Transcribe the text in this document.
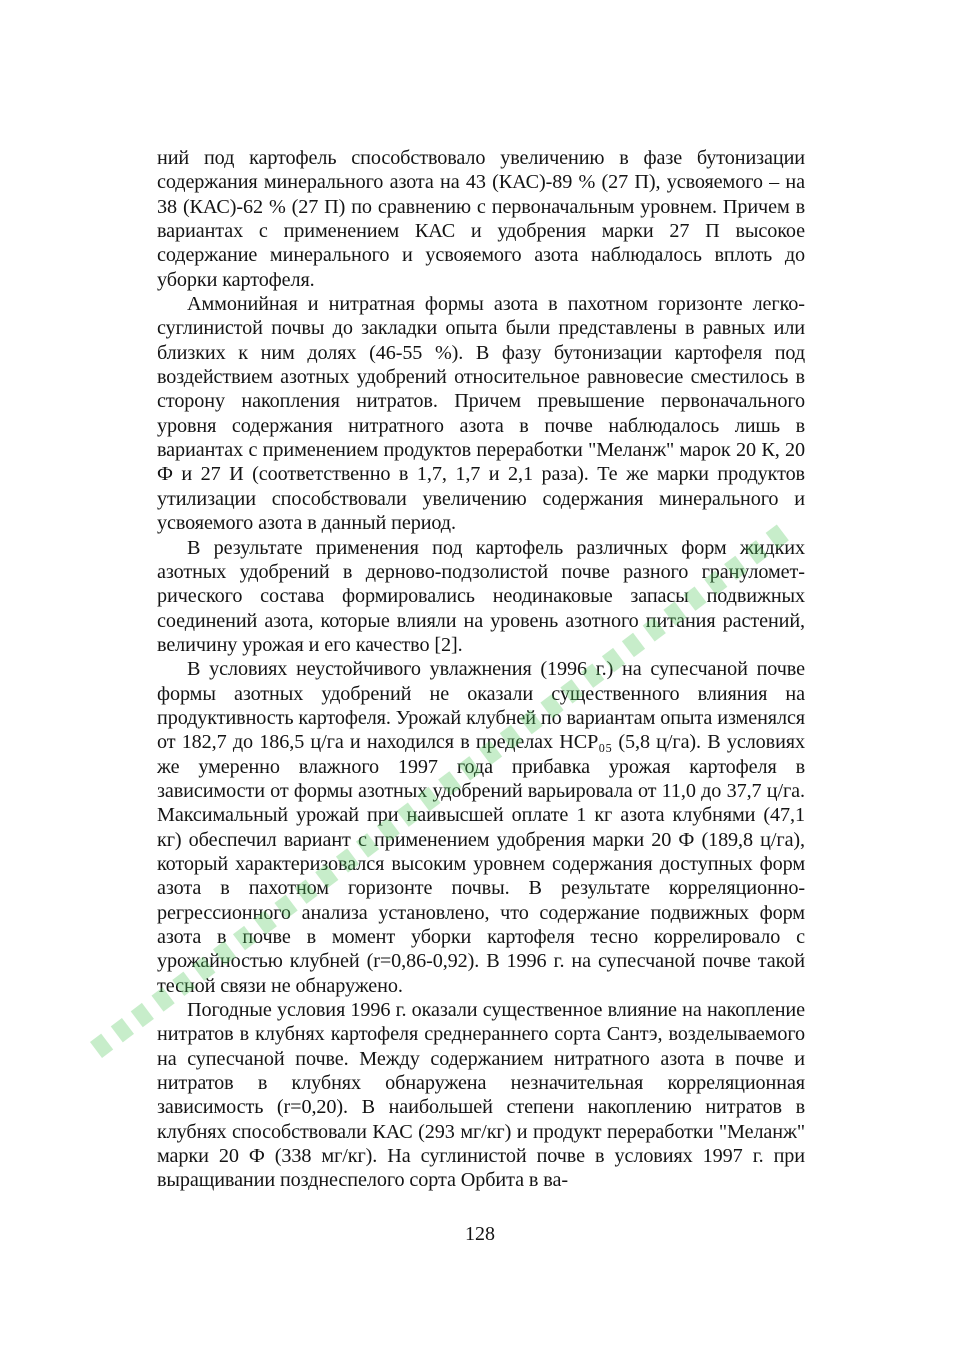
ний под картофель способствовало увеличению в фазе бутонизации содержания минерального азота на 43 (КАС)-89 % (27 П), усвояемого – на 38 (КАС)-62 % (27 П) по сравнению с первоначальным уровнем. Причем в вариантах с применением КАС и удобрения марки 27 П высокое содержание минерального и усвояемого азота наблюдалось вплоть до уборки картофеля.

Аммонийная и нитратная формы азота в пахотном горизонте легкосуглинистой почвы до закладки опыта были представлены в равных или близких к ним долях (46-55 %). В фазу бутонизации картофеля под воздействием азотных удобрений относительное равновесие сместилось в сторону накопления нитратов. Причем превышение первоначального уровня содержания нитратного азота в почве наблюдалось лишь в вариантах с применением продуктов переработки "Меланж" марок 20 К, 20 Ф и 27 И (соответственно в 1,7, 1,7 и 2,1 раза). Те же марки продуктов утилизации способствовали увеличению содержания минерального и усвояемого азота в данный период.

В результате применения под картофель различных форм жидких азотных удобрений в дерново-подзолистой почве разного гранулометрического состава формировались неодинаковые запасы подвижных соединений азота, которые влияли на уровень азотного питания растений, величину урожая и его качество [2].

В условиях неустойчивого увлажнения (1996 г.) на супесчаной почве формы азотных удобрений не оказали существенного влияния на продуктивность картофеля. Урожай клубней по вариантам опыта изменялся от 182,7 до 186,5 ц/га и находился в пределах НСР₀₅ (5,8 ц/га). В условиях же умеренно влажного 1997 года прибавка урожая картофеля в зависимости от формы азотных удобрений варьировала от 11,0 до 37,7 ц/га. Максимальный урожай при наивысшей оплате 1 кг азота клубнями (47,1 кг) обеспечил вариант с применением удобрения марки 20 Ф (189,8 ц/га), который характеризовался высоким уровнем содержания доступных форм азота в пахотном горизонте почвы. В результате корреляционно-регрессионного анализа установлено, что содержание подвижных форм азота в почве в момент уборки картофеля тесно коррелировало с урожайностью клубней (r=0,86-0,92). В 1996 г. на супесчаной почве такой тесной связи не обнаружено.

Погодные условия 1996 г. оказали существенное влияние на накопление нитратов в клубнях картофеля среднераннего сорта Сантэ, возделываемого на супесчаной почве. Между содержанием нитратного азота в почве и нитратов в клубнях обнаружена незначительная корреляционная зависимость (r=0,20). В наибольшей степени накоплению нитратов в клубнях способствовали КАС (293 мг/кг) и продукт переработки "Меланж" марки 20 Ф (338 мг/кг). На суглинистой почве в условиях 1997 г. при выращивании позднеспелого сорта Орбита в ва-

128
